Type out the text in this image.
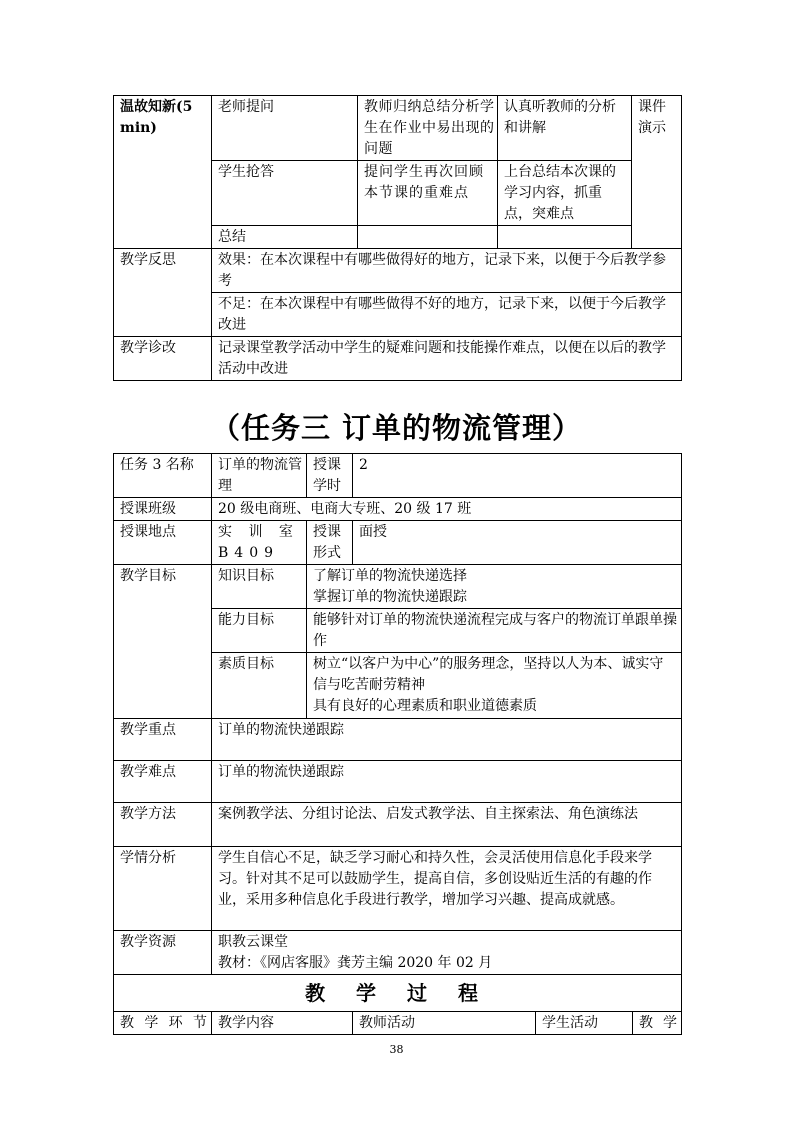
温故知新(5min)	老师提问	教师归纳总结分析学生在作业中易出现的问题	认真听教师的分析和讲解	课件演示
	学生抢答	提问学生再次回顾本节课的重难点	上台总结本次课的学习内容，抓重点，突难点	
	总结			
教学反思	效果：在本次课程中有哪些做得好的地方，记录下来，以便于今后教学参考			
	不足：在本次课程中有哪些做得不好的地方，记录下来，以便于今后教学改进			
教学诊改	记录课堂教学活动中学生的疑难问题和技能操作难点，以便在以后的教学活动中改进			
（任务三 订单的物流管理）
任务 3 名称	订单的物流管理	授课学时	2		
授课班级	20 级电商班、电商大专班、20 级 17 班				
授课地点	实 训 室 B409	授课形式	面授		
教学目标	知识目标	了解订单的物流快递选择
掌握订单的物流快递跟踪			

	能力目标	能够针对订单的物流快递流程完成与客户的物流订单跟单操作			

	素质目标	树立“以客户为中心”的服务理念，坚持以人为本、诚实守信与吃苦耐劳精神
具有良好的心理素质和职业道德素质			

教学重点	订单的物流快递跟踪				
教学难点	订单的物流快递跟踪				
教学方法	案例教学法、分组讨论法、启发式教学法、自主探索法、角色演练法				
学情分析	学生自信心不足，缺乏学习耐心和持久性，会灵活使用信息化手段来学习。针对其不足可以鼓励学生，提高自信，多创设贴近生活的有趣的作业，采用多种信息化手段进行教学，增加学习兴趣、提高成就感。				
教学资源	职教云课堂
教材：《网店客服》龚芳主编 2020 年 02 月				

教 学 过 程					
教 学 环 节	教学内容		教师活动	学生活动	教 学
38
